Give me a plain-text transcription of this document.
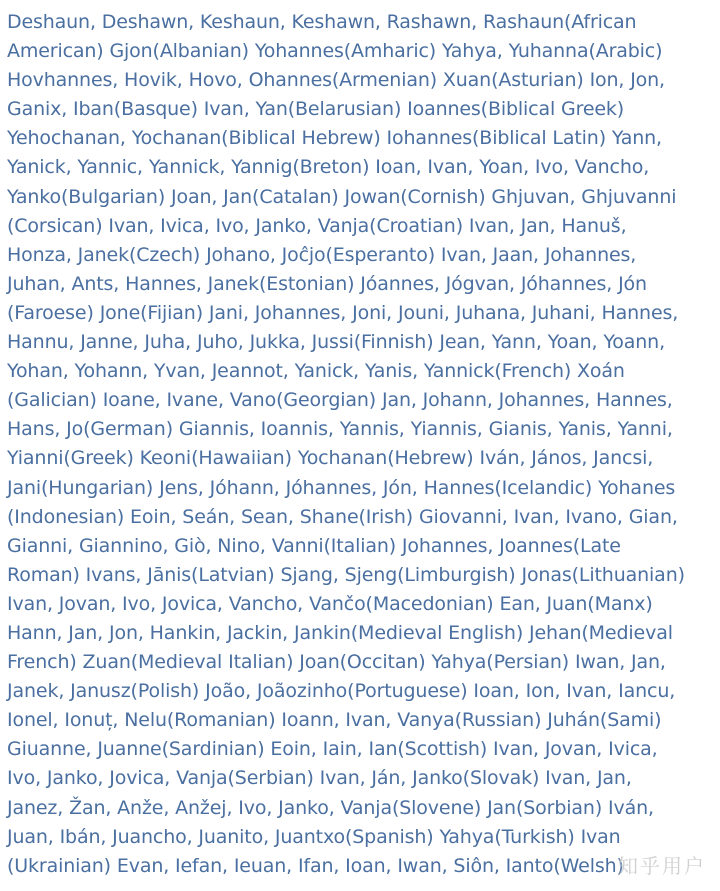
Deshaun, Deshawn, Keshaun, Keshawn, Rashawn, Rashaun(African

American) Gjon(Albanian) Yohannes(Amharic) Yahya, Yuhanna(Arabic)

Hovhannes, Hovik, Hovo, Ohannes(Armenian) Xuan(Asturian) Ion, Jon,

Ganix, Iban(Basque) Ivan, Yan(Belarusian) Ioannes(Biblical Greek)

Yehochanan, Yochanan(Biblical Hebrew) Iohannes(Biblical Latin) Yann,

Yanick, Yannic, Yannick, Yannig(Breton) Ioan, Ivan, Yoan, Ivo, Vancho,

Yanko(Bulgarian) Joan, Jan(Catalan) Jowan(Cornish) Ghjuvan, Ghjuvanni

(Corsican) Ivan, Ivica, Ivo, Janko, Vanja(Croatian) Ivan, Jan, Hanuš,

Honza, Janek(Czech) Johano, Joĉjo(Esperanto) Ivan, Jaan, Johannes,

Juhan, Ants, Hannes, Janek(Estonian) Jóannes, Jógvan, Jóhannes, Jón

(Faroese) Jone(Fijian) Jani, Johannes, Joni, Jouni, Juhana, Juhani, Hannes,

Hannu, Janne, Juha, Juho, Jukka, Jussi(Finnish) Jean, Yann, Yoan, Yoann,

Yohan, Yohann, Yvan, Jeannot, Yanick, Yanis, Yannick(French) Xoán

(Galician) Ioane, Ivane, Vano(Georgian) Jan, Johann, Johannes, Hannes,

Hans, Jo(German) Giannis, Ioannis, Yannis, Yiannis, Gianis, Yanis, Yanni,

Yianni(Greek) Keoni(Hawaiian) Yochanan(Hebrew) Iván, János, Jancsi,

Jani(Hungarian) Jens, Jóhann, Jóhannes, Jón, Hannes(Icelandic) Yohanes

(Indonesian) Eoin, Seán, Sean, Shane(Irish) Giovanni, Ivan, Ivano, Gian,

Gianni, Giannino, Giò, Nino, Vanni(Italian) Johannes, Joannes(Late

Roman) Ivans, Jānis(Latvian) Sjang, Sjeng(Limburgish) Jonas(Lithuanian)

Ivan, Jovan, Ivo, Jovica, Vancho, Vančo(Macedonian) Ean, Juan(Manx)

Hann, Jan, Jon, Hankin, Jackin, Jankin(Medieval English) Jehan(Medieval

French) Zuan(Medieval Italian) Joan(Occitan) Yahya(Persian) Iwan, Jan,

Janek, Janusz(Polish) João, Joãozinho(Portuguese) Ioan, Ion, Ivan, Iancu,

Ionel, Ionuț, Nelu(Romanian) Ioann, Ivan, Vanya(Russian) Juhán(Sami)

Giuanne, Juanne(Sardinian) Eoin, Iain, Ian(Scottish) Ivan, Jovan, Ivica,

Ivo, Janko, Jovica, Vanja(Serbian) Ivan, Ján, Janko(Slovak) Ivan, Jan,

Janez, Žan, Anže, Anžej, Ivo, Janko, Vanja(Slovene) Jan(Sorbian) Iván,

Juan, Ibán, Juancho, Juanito, Juantxo(Spanish) Yahya(Turkish) Ivan

(Ukrainian) Evan, Iefan, Ieuan, Ifan, Ioan, Iwan, Siôn, Ianto(Welsh)

知乎用户
